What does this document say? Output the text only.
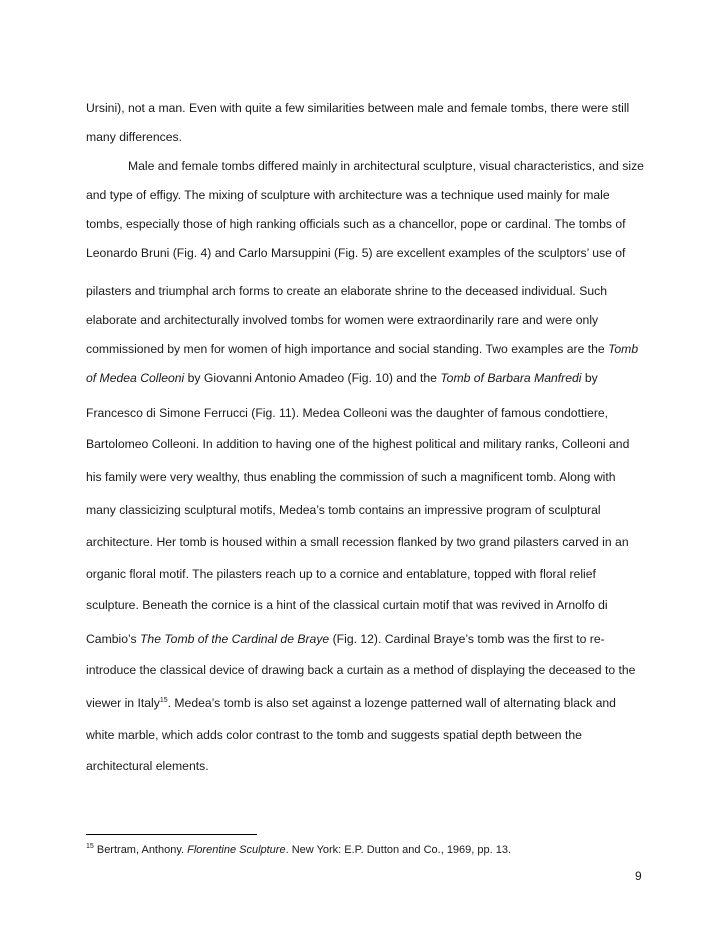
Ursini), not a man. Even with quite a few similarities between male and female tombs, there were still
many differences.
Male and female tombs differed mainly in architectural sculpture, visual characteristics, and size
and type of effigy. The mixing of sculpture with architecture was a technique used mainly for male
tombs, especially those of high ranking officials such as a chancellor, pope or cardinal. The tombs of
Leonardo Bruni (Fig. 4) and Carlo Marsuppini (Fig. 5) are excellent examples of the sculptors’ use of
pilasters and triumphal arch forms to create an elaborate shrine to the deceased individual. Such
elaborate and architecturally involved tombs for women were extraordinarily rare and were only
commissioned by men for women of high importance and social standing. Two examples are the Tomb
of Medea Colleoni by Giovanni Antonio Amadeo (Fig. 10) and the Tomb of Barbara Manfredi by
Francesco di Simone Ferrucci (Fig. 11). Medea Colleoni was the daughter of famous condottiere,
Bartolomeo Colleoni. In addition to having one of the highest political and military ranks, Colleoni and
his family were very wealthy, thus enabling the commission of such a magnificent tomb. Along with
many classicizing sculptural motifs, Medea’s tomb contains an impressive program of sculptural
architecture. Her tomb is housed within a small recession flanked by two grand pilasters carved in an
organic floral motif. The pilasters reach up to a cornice and entablature, topped with floral relief
sculpture. Beneath the cornice is a hint of the classical curtain motif that was revived in Arnolfo di
Cambio’s The Tomb of the Cardinal de Braye (Fig. 12). Cardinal Braye’s tomb was the first to re-
introduce the classical device of drawing back a curtain as a method of displaying the deceased to the
viewer in Italy$^{15}$. Medea’s tomb is also set against a lozenge patterned wall of alternating black and
white marble, which adds color contrast to the tomb and suggests spatial depth between the
architectural elements.
$^{15}$ Bertram, Anthony. Florentine Sculpture. New York: E.P. Dutton and Co., 1969, pp. 13.
9
